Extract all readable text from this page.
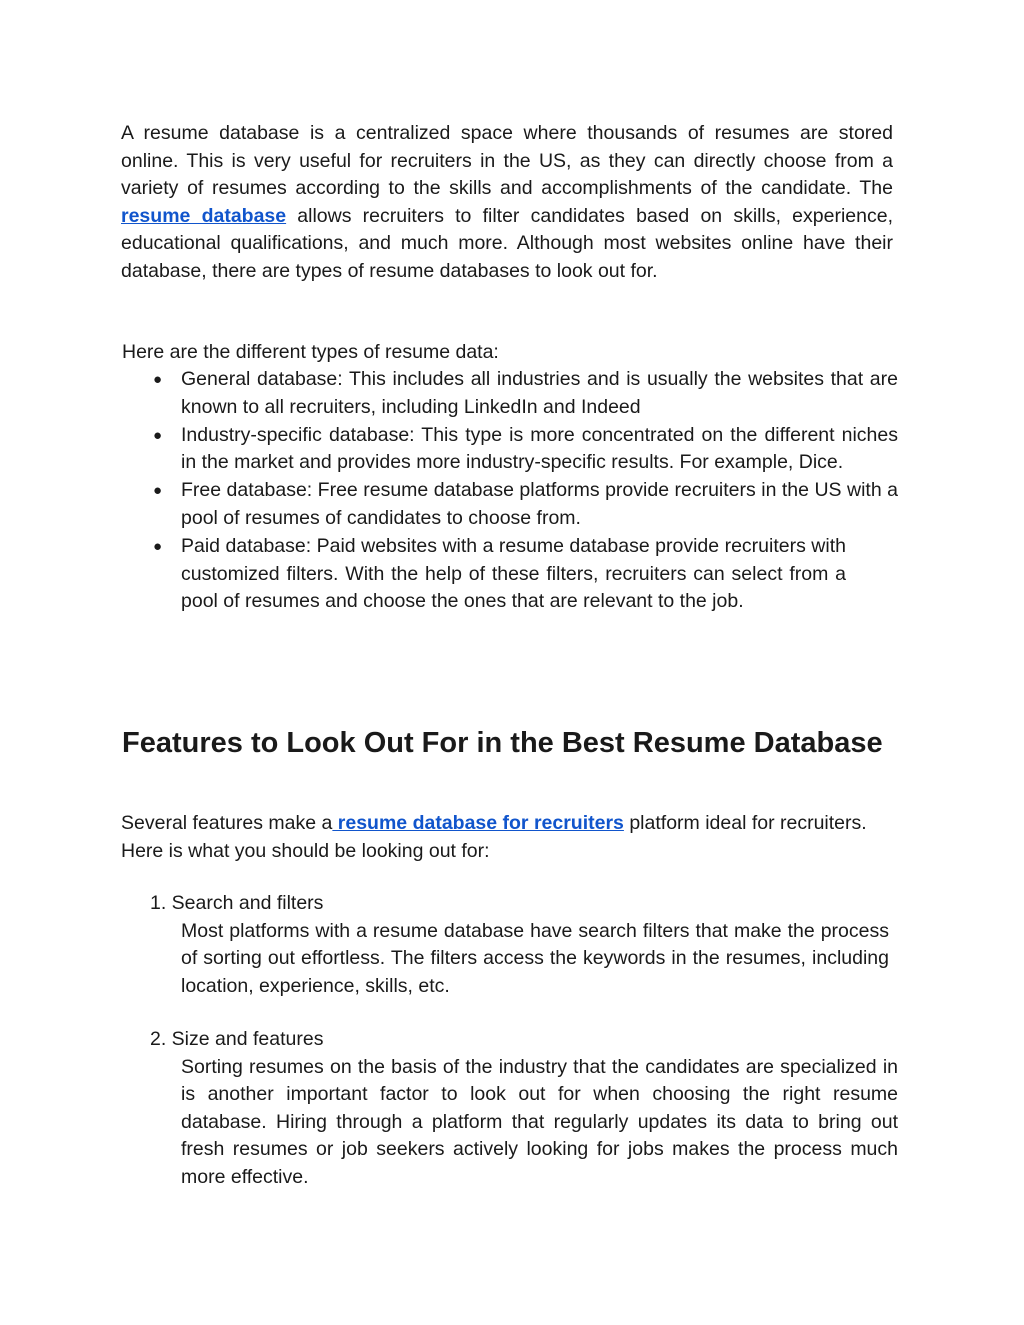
A resume database is a centralized space where thousands of resumes are stored online. This is very useful for recruiters in the US, as they can directly choose from a variety of resumes according to the skills and accomplishments of the candidate. The resume database allows recruiters to filter candidates based on skills, experience, educational qualifications, and much more. Although most websites online have their database, there are types of resume databases to look out for.

Here are the different types of resume data:

● General database: This includes all industries and is usually the websites that are known to all recruiters, including LinkedIn and Indeed
● Industry-specific database: This type is more concentrated on the different niches in the market and provides more industry-specific results. For example, Dice.
● Free database: Free resume database platforms provide recruiters in the US with a pool of resumes of candidates to choose from.
● Paid database: Paid websites with a resume database provide recruiters with customized filters. With the help of these filters, recruiters can select from a pool of resumes and choose the ones that are relevant to the job.
Features to Look Out For in the Best Resume Database

Several features make a resume database for recruiters platform ideal for recruiters. Here is what you should be looking out for:

1. Search and filters
Most platforms with a resume database have search filters that make the process of sorting out effortless. The filters access the keywords in the resumes, including location, experience, skills, etc.
2. Size and features
Sorting resumes on the basis of the industry that the candidates are specialized in is another important factor to look out for when choosing the right resume database. Hiring through a platform that regularly updates its data to bring out fresh resumes or job seekers actively looking for jobs makes the process much more effective.
